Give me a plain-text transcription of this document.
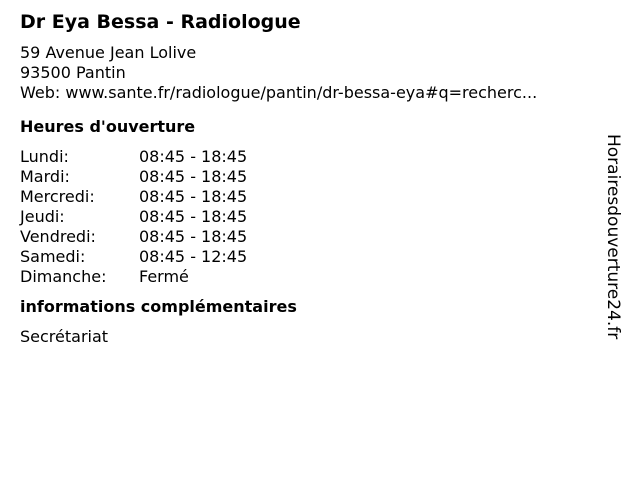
Dr Eya Bessa - Radiologue
59 Avenue Jean Lolive
93500 Pantin
Web: www.sante.fr/radiologue/pantin/dr-bessa-eya#q=recherc...
Heures d'ouverture
Lundi:	08:45 - 18:45
Mardi:	08:45 - 18:45
Mercredi:	08:45 - 18:45
Jeudi:	08:45 - 18:45
Vendredi:	08:45 - 18:45
Samedi:	08:45 - 12:45
Dimanche:	Fermé
informations complémentaires
Secrétariat	Horairesdouverture24.fr
